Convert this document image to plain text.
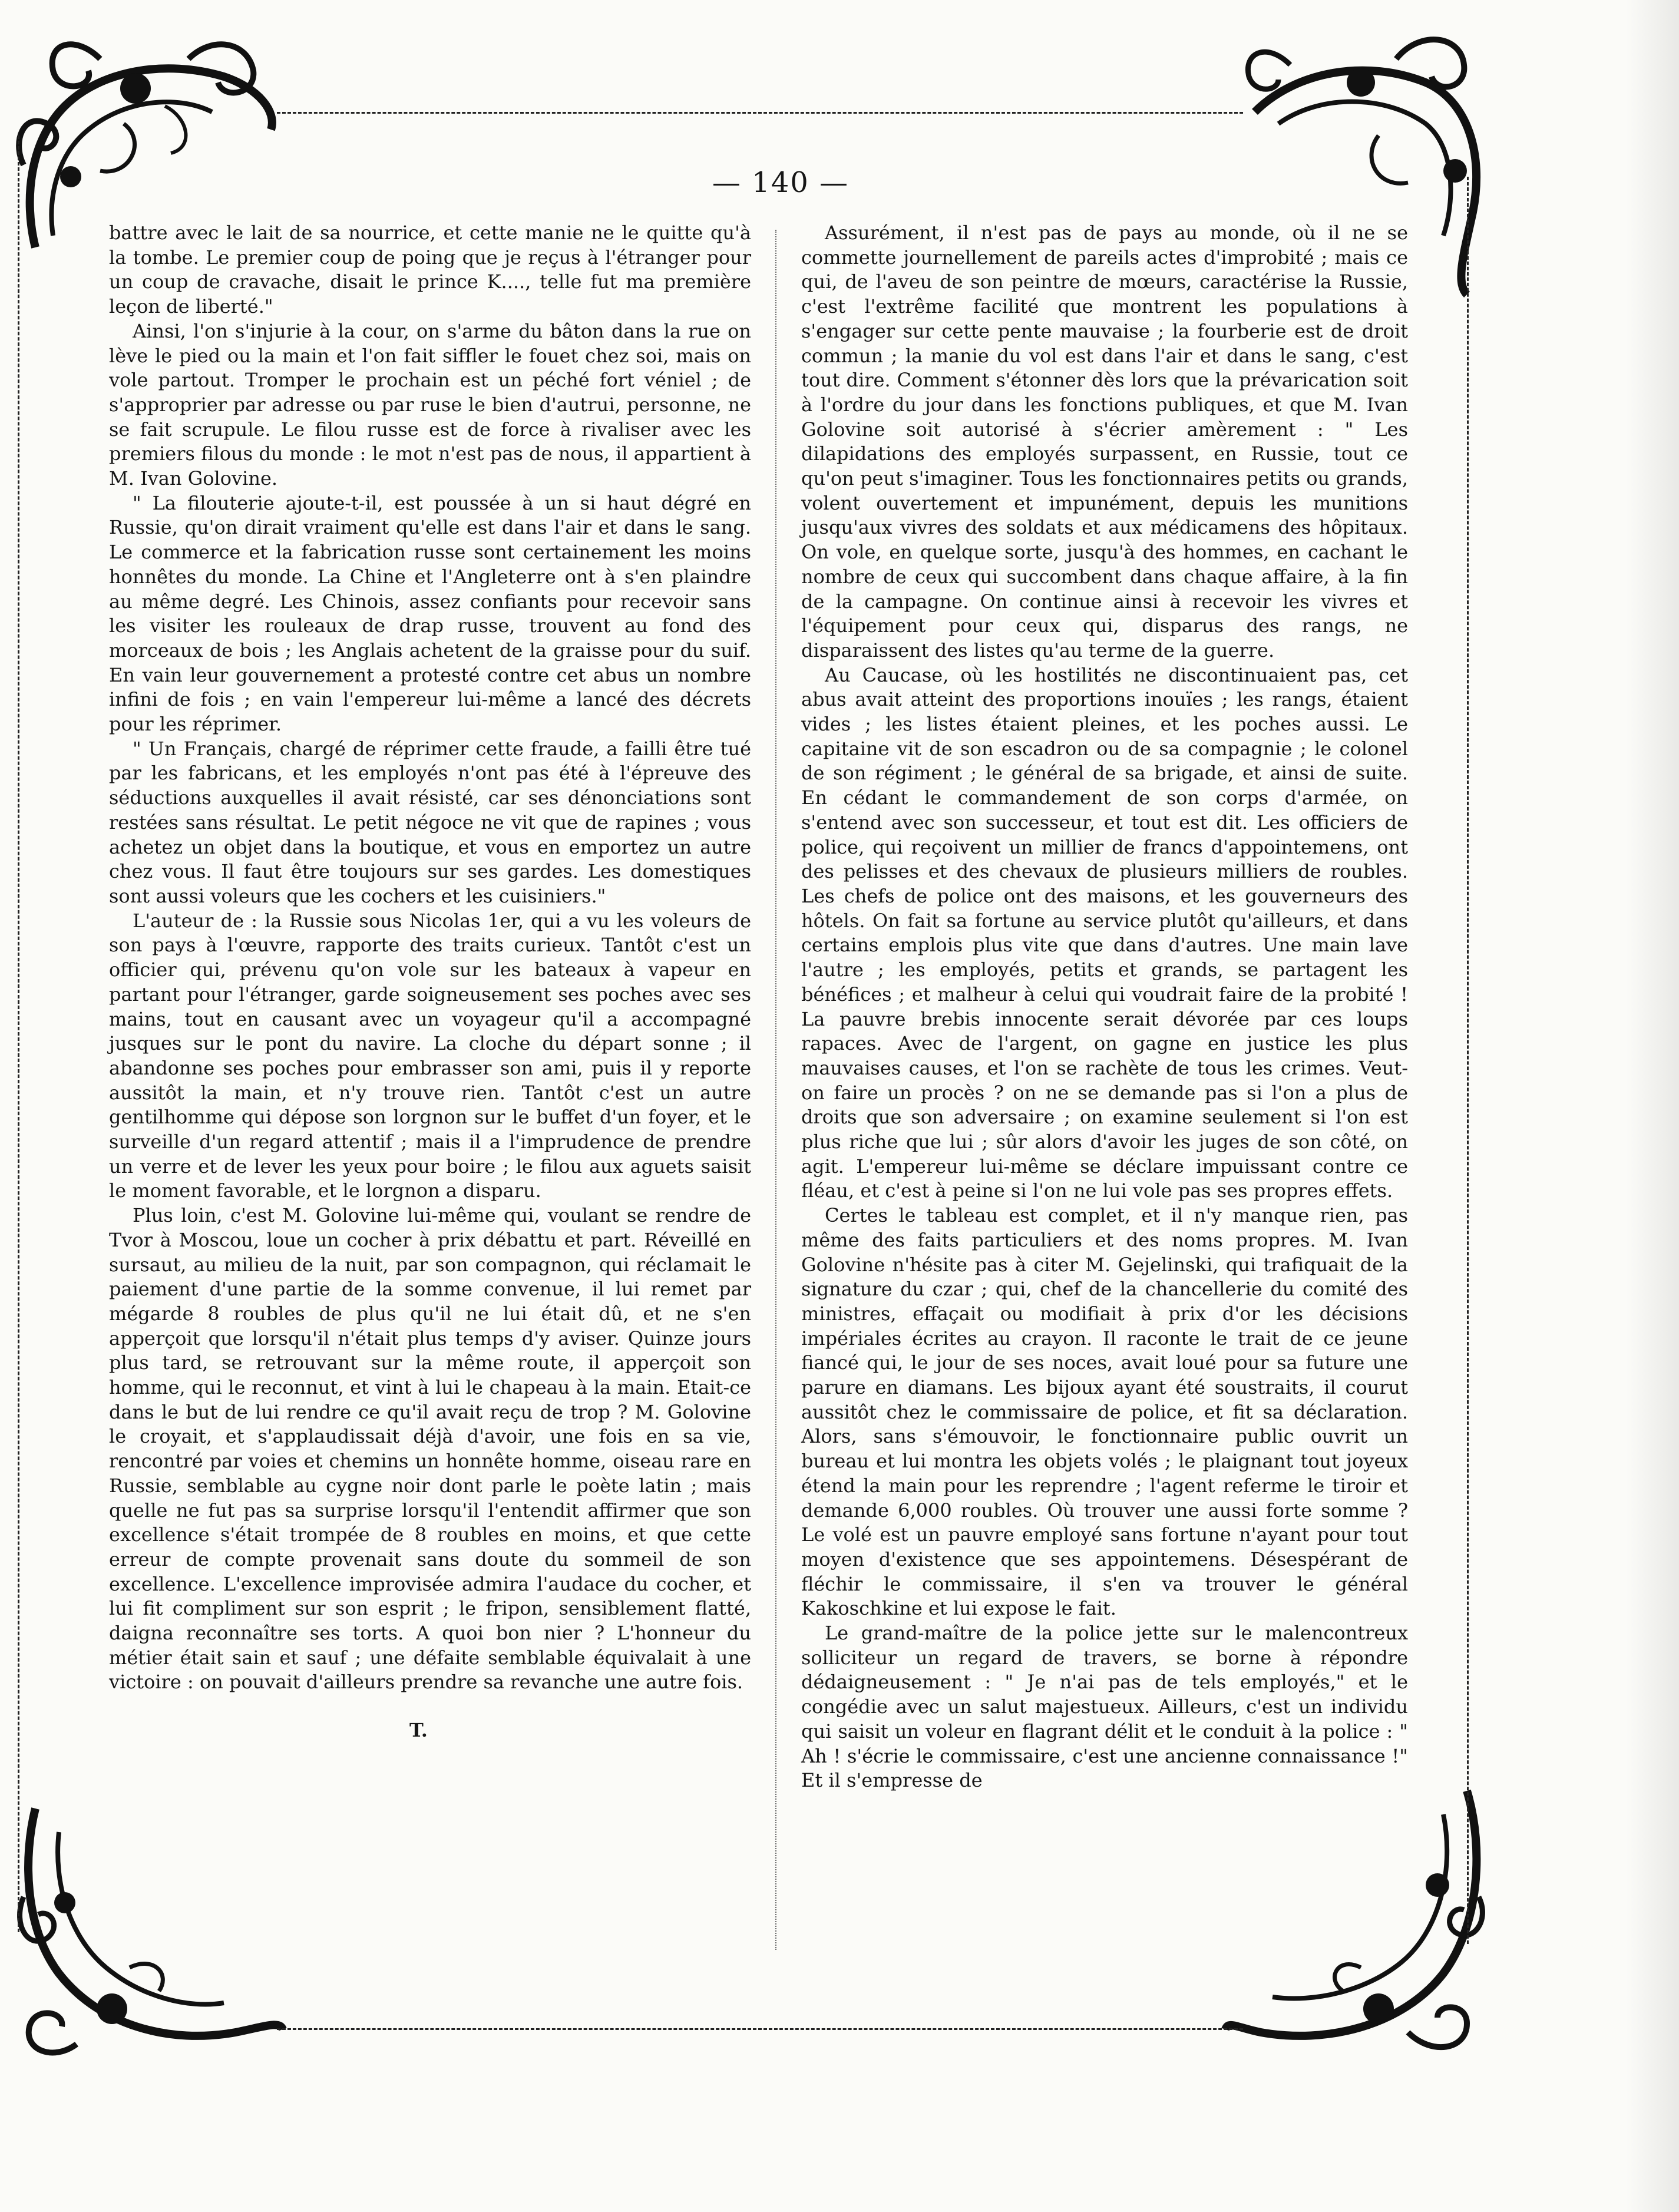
— 140 —

battre avec le lait de sa nourrice, et cette manie ne le quitte qu'à la tombe. Le premier coup de poing que je reçus à l'étranger pour un coup de cravache, disait le prince K...., telle fut ma première leçon de liberté."

Ainsi, l'on s'injurie à la cour, on s'arme du bâton dans la rue on lève le pied ou la main et l'on fait siffler le fouet chez soi, mais on vole partout. Tromper le prochain est un péché fort véniel ; de s'approprier par adresse ou par ruse le bien d'autrui, personne, ne se fait scrupule. Le filou russe est de force à rivaliser avec les premiers filous du monde : le mot n'est pas de nous, il appartient à M. Ivan Golovine.

" La filouterie ajoute-t-il, est poussée à un si haut dégré en Russie, qu'on dirait vraiment qu'elle est dans l'air et dans le sang. Le commerce et la fabrication russe sont certainement les moins honnêtes du monde. La Chine et l'Angleterre ont à s'en plaindre au même degré. Les Chinois, assez confiants pour recevoir sans les visiter les rouleaux de drap russe, trouvent au fond des morceaux de bois ; les Anglais achetent de la graisse pour du suif. En vain leur gouvernement a protesté contre cet abus un nombre infini de fois ; en vain l'empereur lui-même a lancé des décrets pour les réprimer.

" Un Français, chargé de réprimer cette fraude, a failli être tué par les fabricans, et les employés n'ont pas été à l'épreuve des séductions auxquelles il avait résisté, car ses dénonciations sont restées sans résultat. Le petit négoce ne vit que de rapines ; vous achetez un objet dans la boutique, et vous en emportez un autre chez vous. Il faut être toujours sur ses gardes. Les domestiques sont aussi voleurs que les cochers et les cuisiniers."

L'auteur de : la Russie sous Nicolas 1er, qui a vu les voleurs de son pays à l'œuvre, rapporte des traits curieux. Tantôt c'est un officier qui, prévenu qu'on vole sur les bateaux à vapeur en partant pour l'étranger, garde soigneusement ses poches avec ses mains, tout en causant avec un voyageur qu'il a accompagné jusques sur le pont du navire. La cloche du départ sonne ; il abandonne ses poches pour embrasser son ami, puis il y reporte aussitôt la main, et n'y trouve rien. Tantôt c'est un autre gentilhomme qui dépose son lorgnon sur le buffet d'un foyer, et le surveille d'un regard attentif ; mais il a l'imprudence de prendre un verre et de lever les yeux pour boire ; le filou aux aguets saisit le moment favorable, et le lorgnon a disparu.

Plus loin, c'est M. Golovine lui-même qui, voulant se rendre de Tvor à Moscou, loue un cocher à prix débattu et part. Réveillé en sursaut, au milieu de la nuit, par son compagnon, qui réclamait le paiement d'une partie de la somme convenue, il lui remet par mégarde 8 roubles de plus qu'il ne lui était dû, et ne s'en apperçoit que lorsqu'il n'était plus temps d'y aviser. Quinze jours plus tard, se retrouvant sur la même route, il apperçoit son homme, qui le reconnut, et vint à lui le chapeau à la main. Etait-ce dans le but de lui rendre ce qu'il avait reçu de trop ? M. Golovine le croyait, et s'applaudissait déjà d'avoir, une fois en sa vie, rencontré par voies et chemins un honnête homme, oiseau rare en Russie, semblable au cygne noir dont parle le poète latin ; mais quelle ne fut pas sa surprise lorsqu'il l'entendit affirmer que son excellence s'était trompée de 8 roubles en moins, et que cette erreur de compte provenait sans doute du sommeil de son excellence. L'excellence improvisée admira l'audace du cocher, et lui fit compliment sur son esprit ; le fripon, sensiblement flatté, daigna reconnaître ses torts. A quoi bon nier ? L'honneur du métier était sain et sauf ; une défaite semblable équivalait à une victoire : on pouvait d'ailleurs prendre sa revanche une autre fois.

T.

Assurément, il n'est pas de pays au monde, où il ne se commette journellement de pareils actes d'improbité ; mais ce qui, de l'aveu de son peintre de mœurs, caractérise la Russie, c'est l'extrême facilité que montrent les populations à s'engager sur cette pente mauvaise ; la fourberie est de droit commun ; la manie du vol est dans l'air et dans le sang, c'est tout dire. Comment s'étonner dès lors que la prévarication soit à l'ordre du jour dans les fonctions publiques, et que M. Ivan Golovine soit autorisé à s'écrier amèrement : " Les dilapidations des employés surpassent, en Russie, tout ce qu'on peut s'imaginer. Tous les fonctionnaires petits ou grands, volent ouvertement et impunément, depuis les munitions jusqu'aux vivres des soldats et aux médicamens des hôpitaux. On vole, en quelque sorte, jusqu'à des hommes, en cachant le nombre de ceux qui succombent dans chaque affaire, à la fin de la campagne. On continue ainsi à recevoir les vivres et l'équipement pour ceux qui, disparus des rangs, ne disparaissent des listes qu'au terme de la guerre.

Au Caucase, où les hostilités ne discontinuaient pas, cet abus avait atteint des proportions inouïes ; les rangs, étaient vides ; les listes étaient pleines, et les poches aussi. Le capitaine vit de son escadron ou de sa compagnie ; le colonel de son régiment ; le général de sa brigade, et ainsi de suite. En cédant le commandement de son corps d'armée, on s'entend avec son successeur, et tout est dit. Les officiers de police, qui reçoivent un millier de francs d'appointemens, ont des pelisses et des chevaux de plusieurs milliers de roubles. Les chefs de police ont des maisons, et les gouverneurs des hôtels. On fait sa fortune au service plutôt qu'ailleurs, et dans certains emplois plus vite que dans d'autres. Une main lave l'autre ; les employés, petits et grands, se partagent les bénéfices ; et malheur à celui qui voudrait faire de la probité ! La pauvre brebis innocente serait dévorée par ces loups rapaces. Avec de l'argent, on gagne en justice les plus mauvaises causes, et l'on se rachète de tous les crimes. Veut-on faire un procès ? on ne se demande pas si l'on a plus de droits que son adversaire ; on examine seulement si l'on est plus riche que lui ; sûr alors d'avoir les juges de son côté, on agit. L'empereur lui-même se déclare impuissant contre ce fléau, et c'est à peine si l'on ne lui vole pas ses propres effets.

Certes le tableau est complet, et il n'y manque rien, pas même des faits particuliers et des noms propres. M. Ivan Golovine n'hésite pas à citer M. Gejelinski, qui trafiquait de la signature du czar ; qui, chef de la chancellerie du comité des ministres, effaçait ou modifiait à prix d'or les décisions impériales écrites au crayon. Il raconte le trait de ce jeune fiancé qui, le jour de ses noces, avait loué pour sa future une parure en diamans. Les bijoux ayant été soustraits, il courut aussitôt chez le commissaire de police, et fit sa déclaration. Alors, sans s'émouvoir, le fonctionnaire public ouvrit un bureau et lui montra les objets volés ; le plaignant tout joyeux étend la main pour les reprendre ; l'agent referme le tiroir et demande 6,000 roubles. Où trouver une aussi forte somme ? Le volé est un pauvre employé sans fortune n'ayant pour tout moyen d'existence que ses appointemens. Désespérant de fléchir le commissaire, il s'en va trouver le général Kakoschkine et lui expose le fait.

Le grand-maître de la police jette sur le malencontreux solliciteur un regard de travers, se borne à répondre dédaigneusement : " Je n'ai pas de tels employés," et le congédie avec un salut majestueux. Ailleurs, c'est un individu qui saisit un voleur en flagrant délit et le conduit à la police : " Ah ! s'écrie le commissaire, c'est une ancienne connaissance !" Et il s'empresse de
